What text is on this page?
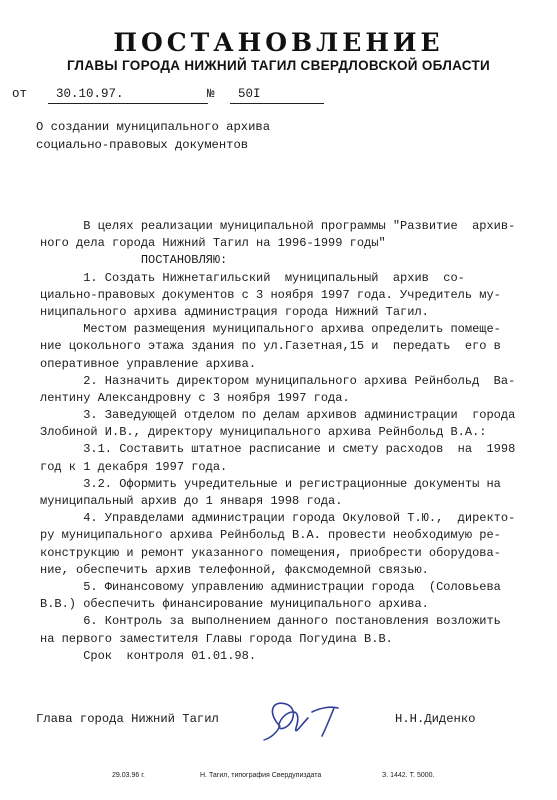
ПОСТАНОВЛЕНИЕ
ГЛАВЫ ГОРОДА НИЖНИЙ ТАГИЛ СВЕРДЛОВСКОЙ ОБЛАСТИ
от	30.10.97.	№	50I
О создании муниципального архива
социально-правовых документов
В целях реализации муниципальной программы "Развитие  архив-
ного дела города Нижний Тагил на 1996-1999 годы"
ПОСТАНОВЛЯЮ:
1. Создать Нижнетагильский  муниципальный  архив  со-
циально-правовых документов с 3 ноября 1997 года. Учредитель му-
ниципального архива администрация города Нижний Тагил.
Местом размещения муниципального архива определить помеще-
ние цокольного этажа здания по ул.Газетная,15 и  передать  его в
оперативное управление архива.
2. Назначить директором муниципального архива Рейнбольд  Ва-
лентину Александровну с 3 ноября 1997 года.
3. Заведующей отделом по делам архивов администрации  города
Злобиной И.В., директору муниципального архива Рейнбольд В.А.:
3.1. Составить штатное расписание и смету расходов  на  1998
год к 1 декабря 1997 года.
3.2. Оформить учредительные и регистрационные документы на
муниципальный архив до 1 января 1998 года.
4. Управделами администрации города Окуловой Т.Ю.,  директо-
ру муниципального архива Рейнбольд В.А. провести необходимую ре-
конструкцию и ремонт указанного помещения, приобрести оборудова-
ние, обеспечить архив телефонной, факсмодемной связью.
5. Финансовому управлению администрации города  (Соловьева
В.В.) обеспечить финансирование муниципального архива.
6. Контроль за выполнением данного постановления возложить
на первого заместителя Главы города Погудина В.В.
Срок  контроля 01.01.98.
Глава города Нижний Тагил	Н.Н.Диденко
29.03.96 г.	Н. Тагил, типография Свердупиздата	З. 1442. Т. 5000.
